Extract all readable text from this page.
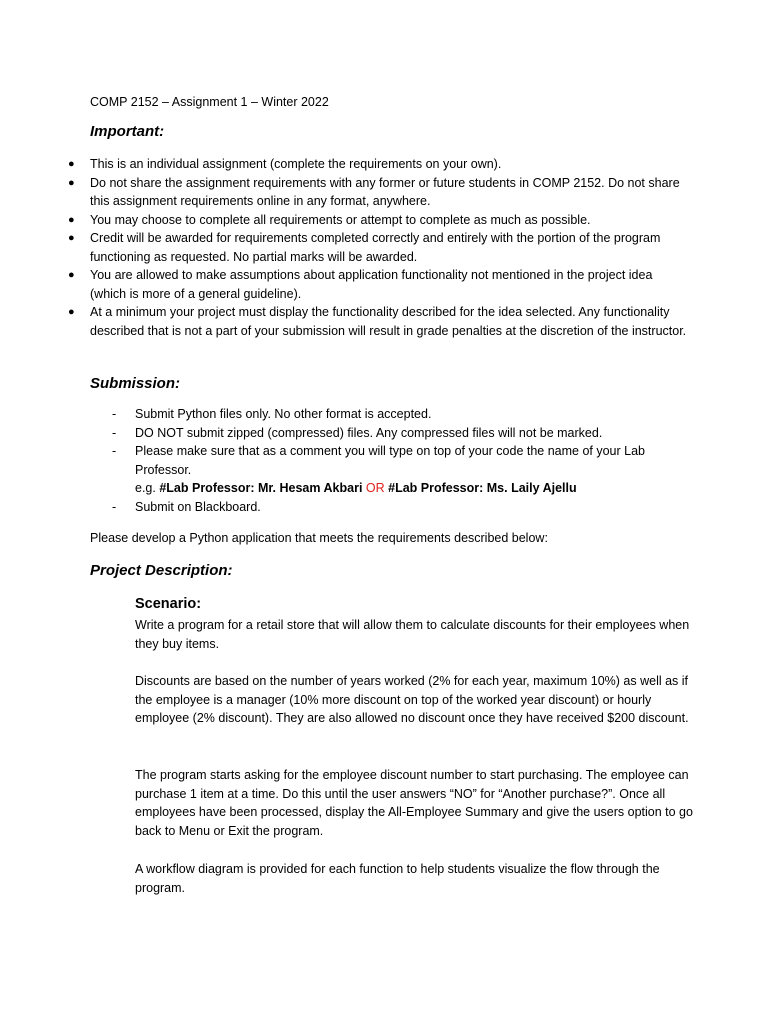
COMP 2152 – Assignment 1 – Winter 2022
Important:
●	This is an individual assignment (complete the requirements on your own).
●	Do not share the assignment requirements with any former or future students in COMP 2152. Do not share this assignment requirements online in any format, anywhere.
●	You may choose to complete all requirements or attempt to complete as much as possible.
●	Credit will be awarded for requirements completed correctly and entirely with the portion of the program functioning as requested. No partial marks will be awarded.
●	You are allowed to make assumptions about application functionality not mentioned in the project idea (which is more of a general guideline).
●	At a minimum your project must display the functionality described for the idea selected. Any functionality described that is not a part of your submission will result in grade penalties at the discretion of the instructor.
Submission:
-	Submit Python files only. No other format is accepted.
-	DO NOT submit zipped (compressed) files. Any compressed files will not be marked.
-	Please make sure that as a comment you will type on top of your code the name of your Lab Professor.
e.g. #Lab Professor: Mr. Hesam Akbari OR #Lab Professor: Ms. Laily Ajellu
-	Submit on Blackboard.
Please develop a Python application that meets the requirements described below:
Project Description:
Scenario:
Write a program for a retail store that will allow them to calculate discounts for their employees when they buy items.
Discounts are based on the number of years worked (2% for each year, maximum 10%) as well as if the employee is a manager (10% more discount on top of the worked year discount) or hourly employee (2% discount). They are also allowed no discount once they have received $200 discount.
The program starts asking for the employee discount number to start purchasing. The employee can purchase 1 item at a time. Do this until the user answers “NO” for “Another purchase?”. Once all employees have been processed, display the All-Employee Summary and give the users option to go back to Menu or Exit the program.
A workflow diagram is provided for each function to help students visualize the flow through the program.
